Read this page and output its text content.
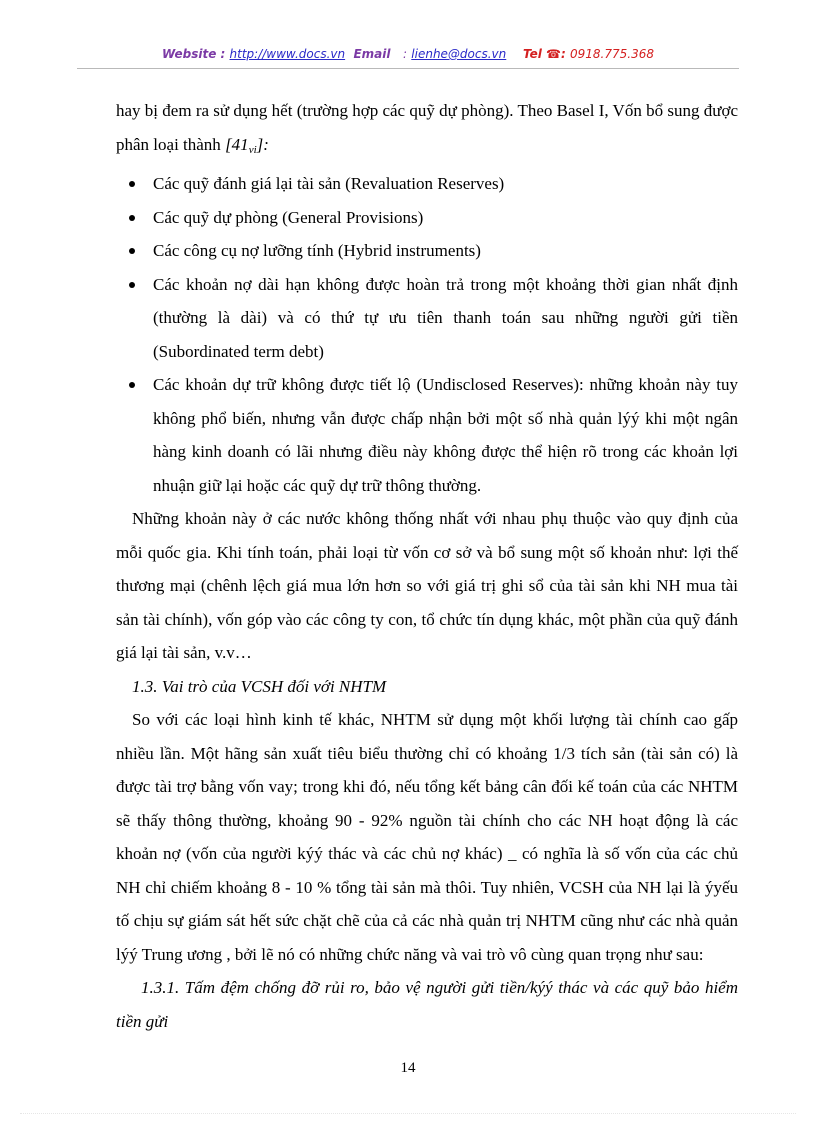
Website : http://www.docs.vn Email : lienhe@docs.vn Tel ☎: 0918.775.368

hay bị đem ra sử dụng hết (trường hợp các quỹ dự phòng). Theo Basel I, Vốn bổ sung được phân loại thành $[41_{vi}]$:

Các quỹ đánh giá lại tài sản (Revaluation Reserves)
Các quỹ dự phòng (General Provisions)
Các công cụ nợ lưỡng tính (Hybrid instruments)
Các khoản nợ dài hạn không được hoàn trả trong một khoảng thời gian nhất định (thường là dài) và có thứ tự ưu tiên thanh toán sau những người gửi tiền (Subordinated term debt)
Các khoản dự trữ không được tiết lộ (Undisclosed Reserves): những khoản này tuy không phổ biến, nhưng vẫn được chấp nhận bởi một số nhà quản lýý khi một ngân hàng kinh doanh có lãi nhưng điều này không được thể hiện rõ trong các khoản lợi nhuận giữ lại hoặc các quỹ dự trữ thông thường.

Những khoản này ở các nước không thống nhất với nhau phụ thuộc vào quy định của mỗi quốc gia. Khi tính toán, phải loại từ vốn cơ sở và bổ sung một số khoản như: lợi thế thương mại (chênh lệch giá mua lớn hơn so với giá trị ghi sổ của tài sản khi NH mua tài sản tài chính), vốn góp vào các công ty con, tổ chức tín dụng khác, một phần của quỹ đánh giá lại tài sản, v.v…

1.3. Vai trò của VCSH đối với NHTM

So với các loại hình kinh tế khác, NHTM sử dụng một khối lượng tài chính cao gấp nhiều lần. Một hãng sản xuất tiêu biểu thường chỉ có khoảng 1/3 tích sản (tài sản có) là được tài trợ bằng vốn vay; trong khi đó, nếu tổng kết bảng cân đối kế toán của các NHTM sẽ thấy thông thường, khoảng 90 - 92% nguồn tài chính cho các NH hoạt động là các khoản nợ (vốn của người kýý thác và các chủ nợ khác) _ có nghĩa là số vốn của các chủ NH chỉ chiếm khoảng 8 - 10 % tổng tài sản mà thôi. Tuy nhiên, VCSH của NH lại là ýyếu tố chịu sự giám sát hết sức chặt chẽ của cả các nhà quản trị NHTM cũng như các nhà quản lýý Trung ương , bởi lẽ nó có những chức năng và vai trò vô cùng quan trọng như sau:

1.3.1. Tấm đệm chống đỡ rủi ro, bảo vệ người gửi tiền/kýý thác và các quỹ bảo hiểm tiền gửi

14
